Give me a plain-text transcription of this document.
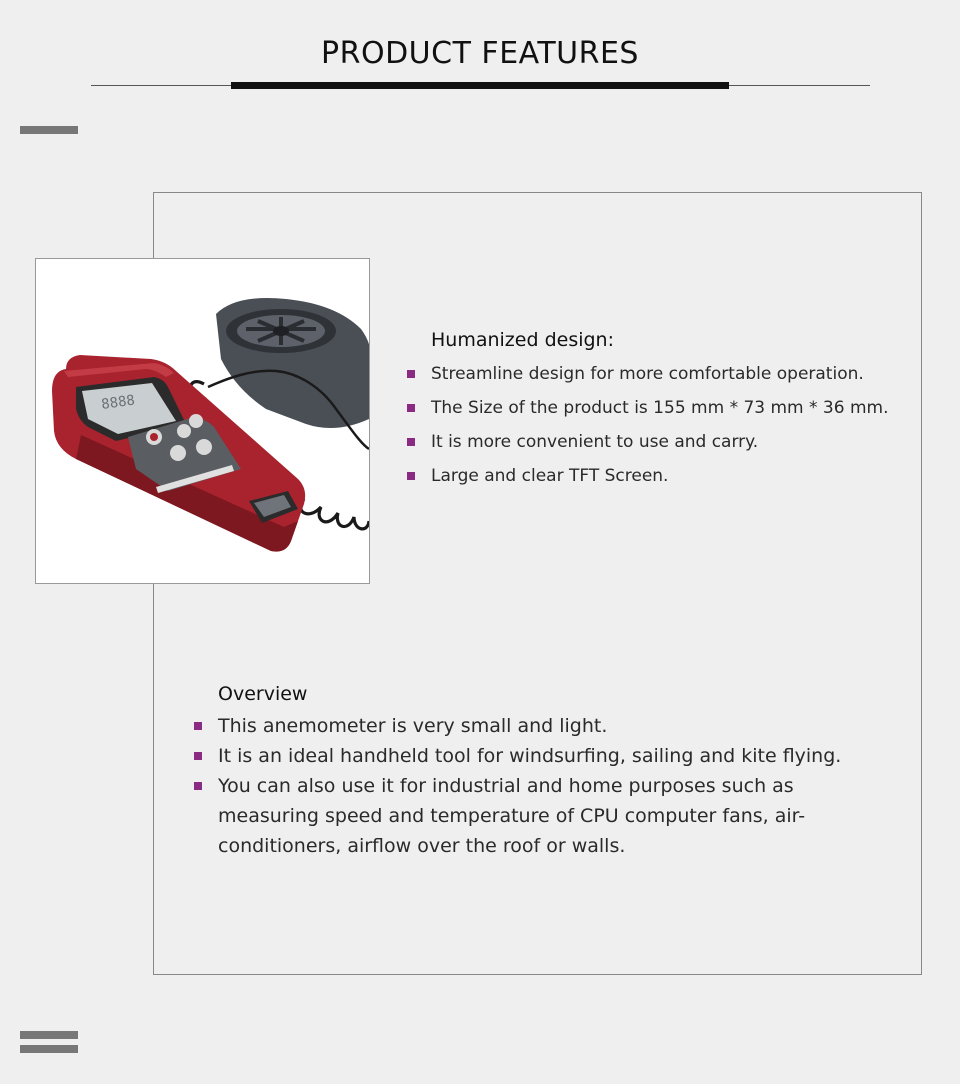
PRODUCT FEATURES
8888
Humanized design:
Streamline design for more comfortable operation.
The Size of the product is 155 mm * 73 mm * 36 mm.
It is more convenient to use and carry.
Large and clear TFT Screen.
Overview
This anemometer is very small and light.
It is an ideal handheld tool for windsurfing, sailing and kite flying.
You can also use it for industrial and home purposes such as measuring speed and temperature of CPU computer fans, air-conditioners, airflow over the roof or walls.
